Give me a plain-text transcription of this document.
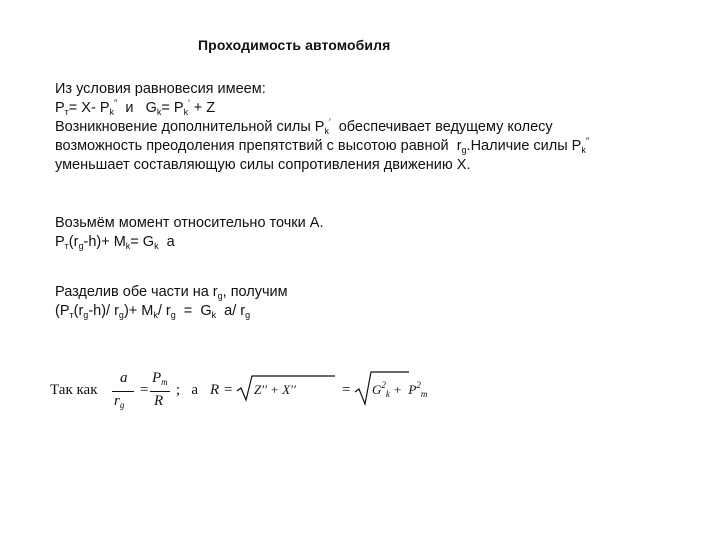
Проходимость автомобиля
Из условия равновесия имеем:
$P_т= X-$ $P_k''$  и   $G_k= P_k' + Z$
Возникновение дополнительной силы $P_k'$  обеспечивает ведущему колесу
возможность преодоления препятствий с высотою равной  $r_g.Наличие$ силы $P_k''$
уменьшает составляющую силы сопротивления движению X.
Возьмём момент относительно точки A.
$P_т(r_g-h)+ M_k= G_k$  a
Разделив обе части на $r_g$, получим
($P_т(r_g-h)/$ $r_g)+ M_k/$ $r_g = G_k$  a/ $r_g$
Так как
a
$r_g$
=
$P_т$
R
;   a R = Z′′ + X′′	= $G^2_k + P^2_т$
